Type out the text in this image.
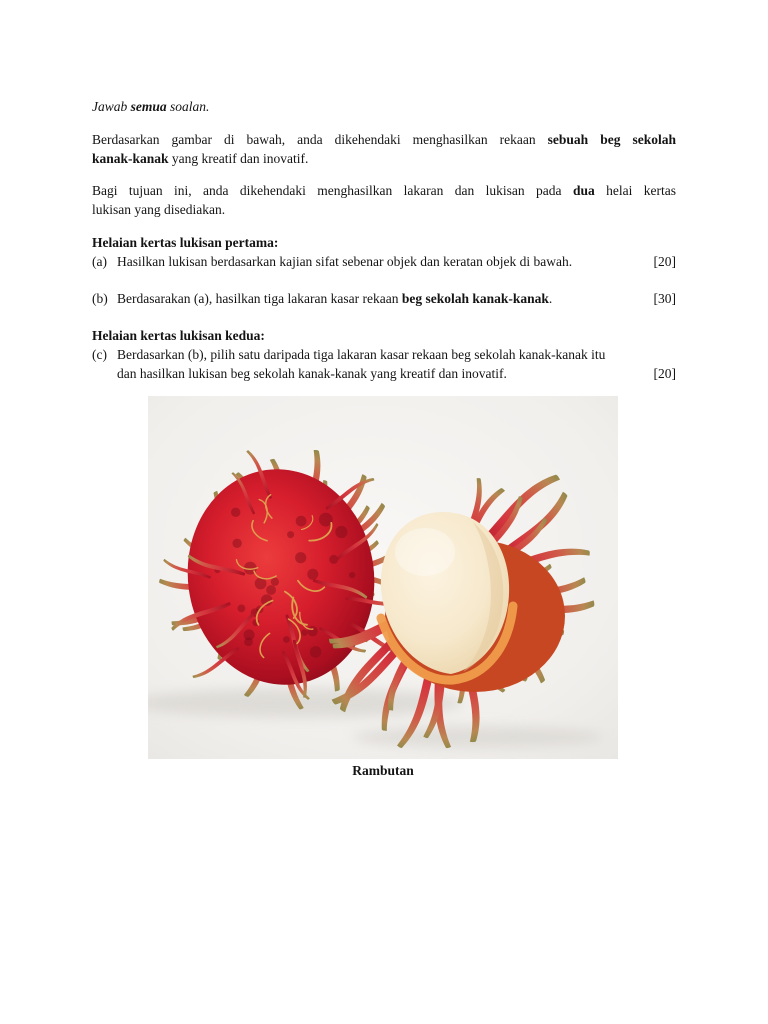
Jawab semua soalan.

Berdasarkan gambar di bawah, anda dikehendaki menghasilkan rekaan sebuah beg sekolah
kanak-kanak yang kreatif dan inovatif.

Bagi tujuan ini, anda dikehendaki menghasilkan lakaran dan lukisan pada dua helai kertas
lukisan yang disediakan.

Helaian kertas lukisan pertama:
(a) Hasilkan lukisan berdasarkan kajian sifat sebenar objek dan keratan objek di bawah.	[20]
(b) Berdasarakan (a), hasilkan tiga lakaran kasar rekaan beg sekolah kanak-kanak.	[30]
Helaian kertas lukisan kedua:
(c) Berdasarkan (b), pilih satu daripada tiga lakaran kasar rekaan beg sekolah kanak-kanak itu
dan hasilkan lukisan beg sekolah kanak-kanak yang kreatif dan inovatif.	[20]
Rambutan
